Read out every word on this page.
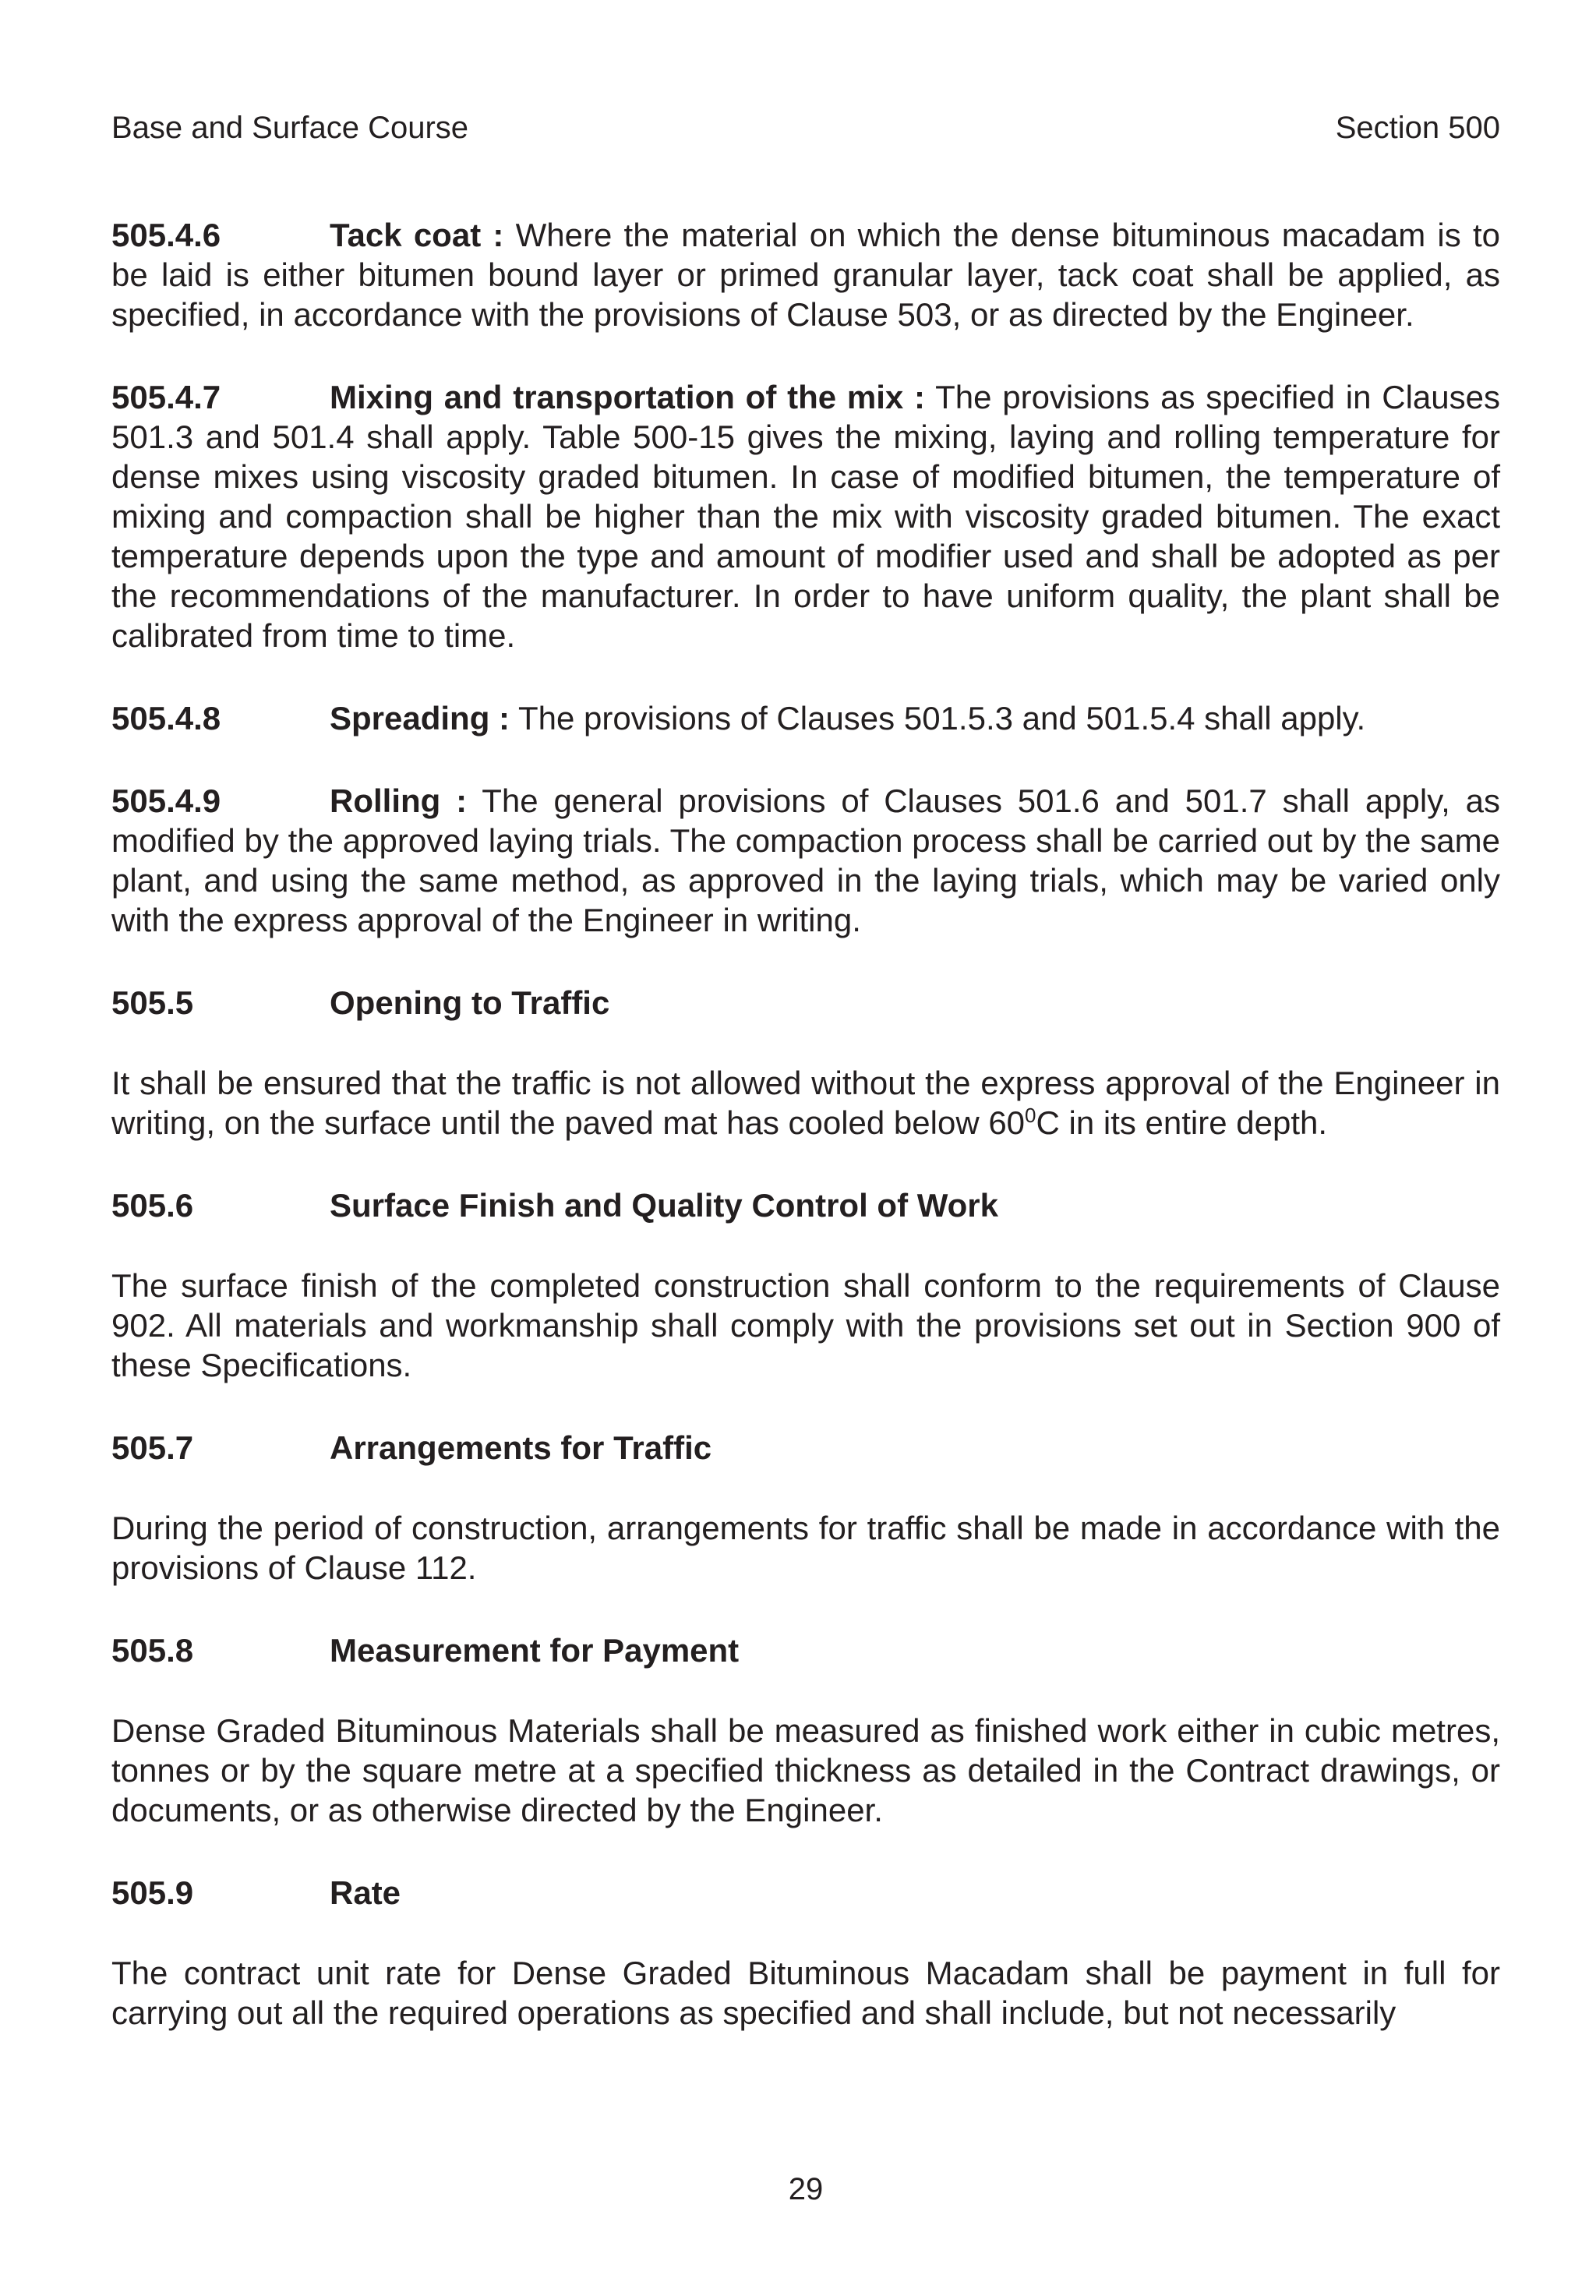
Base and Surface Course	Section 500

505.4.6	Tack coat : Where the material on which the dense bituminous macadam is to be laid is either bitumen bound layer or primed granular layer, tack coat shall be applied, as specified, in accordance with the provisions of Clause 503, or as directed by the Engineer.

505.4.7	Mixing and transportation of the mix : The provisions as specified in Clauses 501.3 and 501.4 shall apply. Table 500-15 gives the mixing, laying and rolling temperature for dense mixes using viscosity graded bitumen. In case of modified bitumen, the temperature of mixing and compaction shall be higher than the mix with viscosity graded bitumen. The exact temperature depends upon the type and amount of modifier used and shall be adopted as per the recommendations of the manufacturer. In order to have uniform quality, the plant shall be calibrated from time to time.

505.4.8	Spreading : The provisions of Clauses 501.5.3 and 501.5.4 shall apply.

505.4.9	Rolling : The general provisions of Clauses 501.6 and 501.7 shall apply, as modified by the approved laying trials. The compaction process shall be carried out by the same plant, and using the same method, as approved in the laying trials, which may be varied only with the express approval of the Engineer in writing.

505.5	Opening to Traffic

It shall be ensured that the traffic is not allowed without the express approval of the Engineer in writing, on the surface until the paved mat has cooled below $60^0C$ in its entire depth.

505.6	Surface Finish and Quality Control of Work

The surface finish of the completed construction shall conform to the requirements of Clause 902. All materials and workmanship shall comply with the provisions set out in Section 900 of these Specifications.

505.7	Arrangements for Traffic

During the period of construction, arrangements for traffic shall be made in accordance with the provisions of Clause 112.

505.8	Measurement for Payment

Dense Graded Bituminous Materials shall be measured as finished work either in cubic metres, tonnes or by the square metre at a specified thickness as detailed in the Contract drawings, or documents, or as otherwise directed by the Engineer.

505.9	Rate

The contract unit rate for Dense Graded Bituminous Macadam shall be payment in full for carrying out all the required operations as specified and shall include, but not necessarily

29
